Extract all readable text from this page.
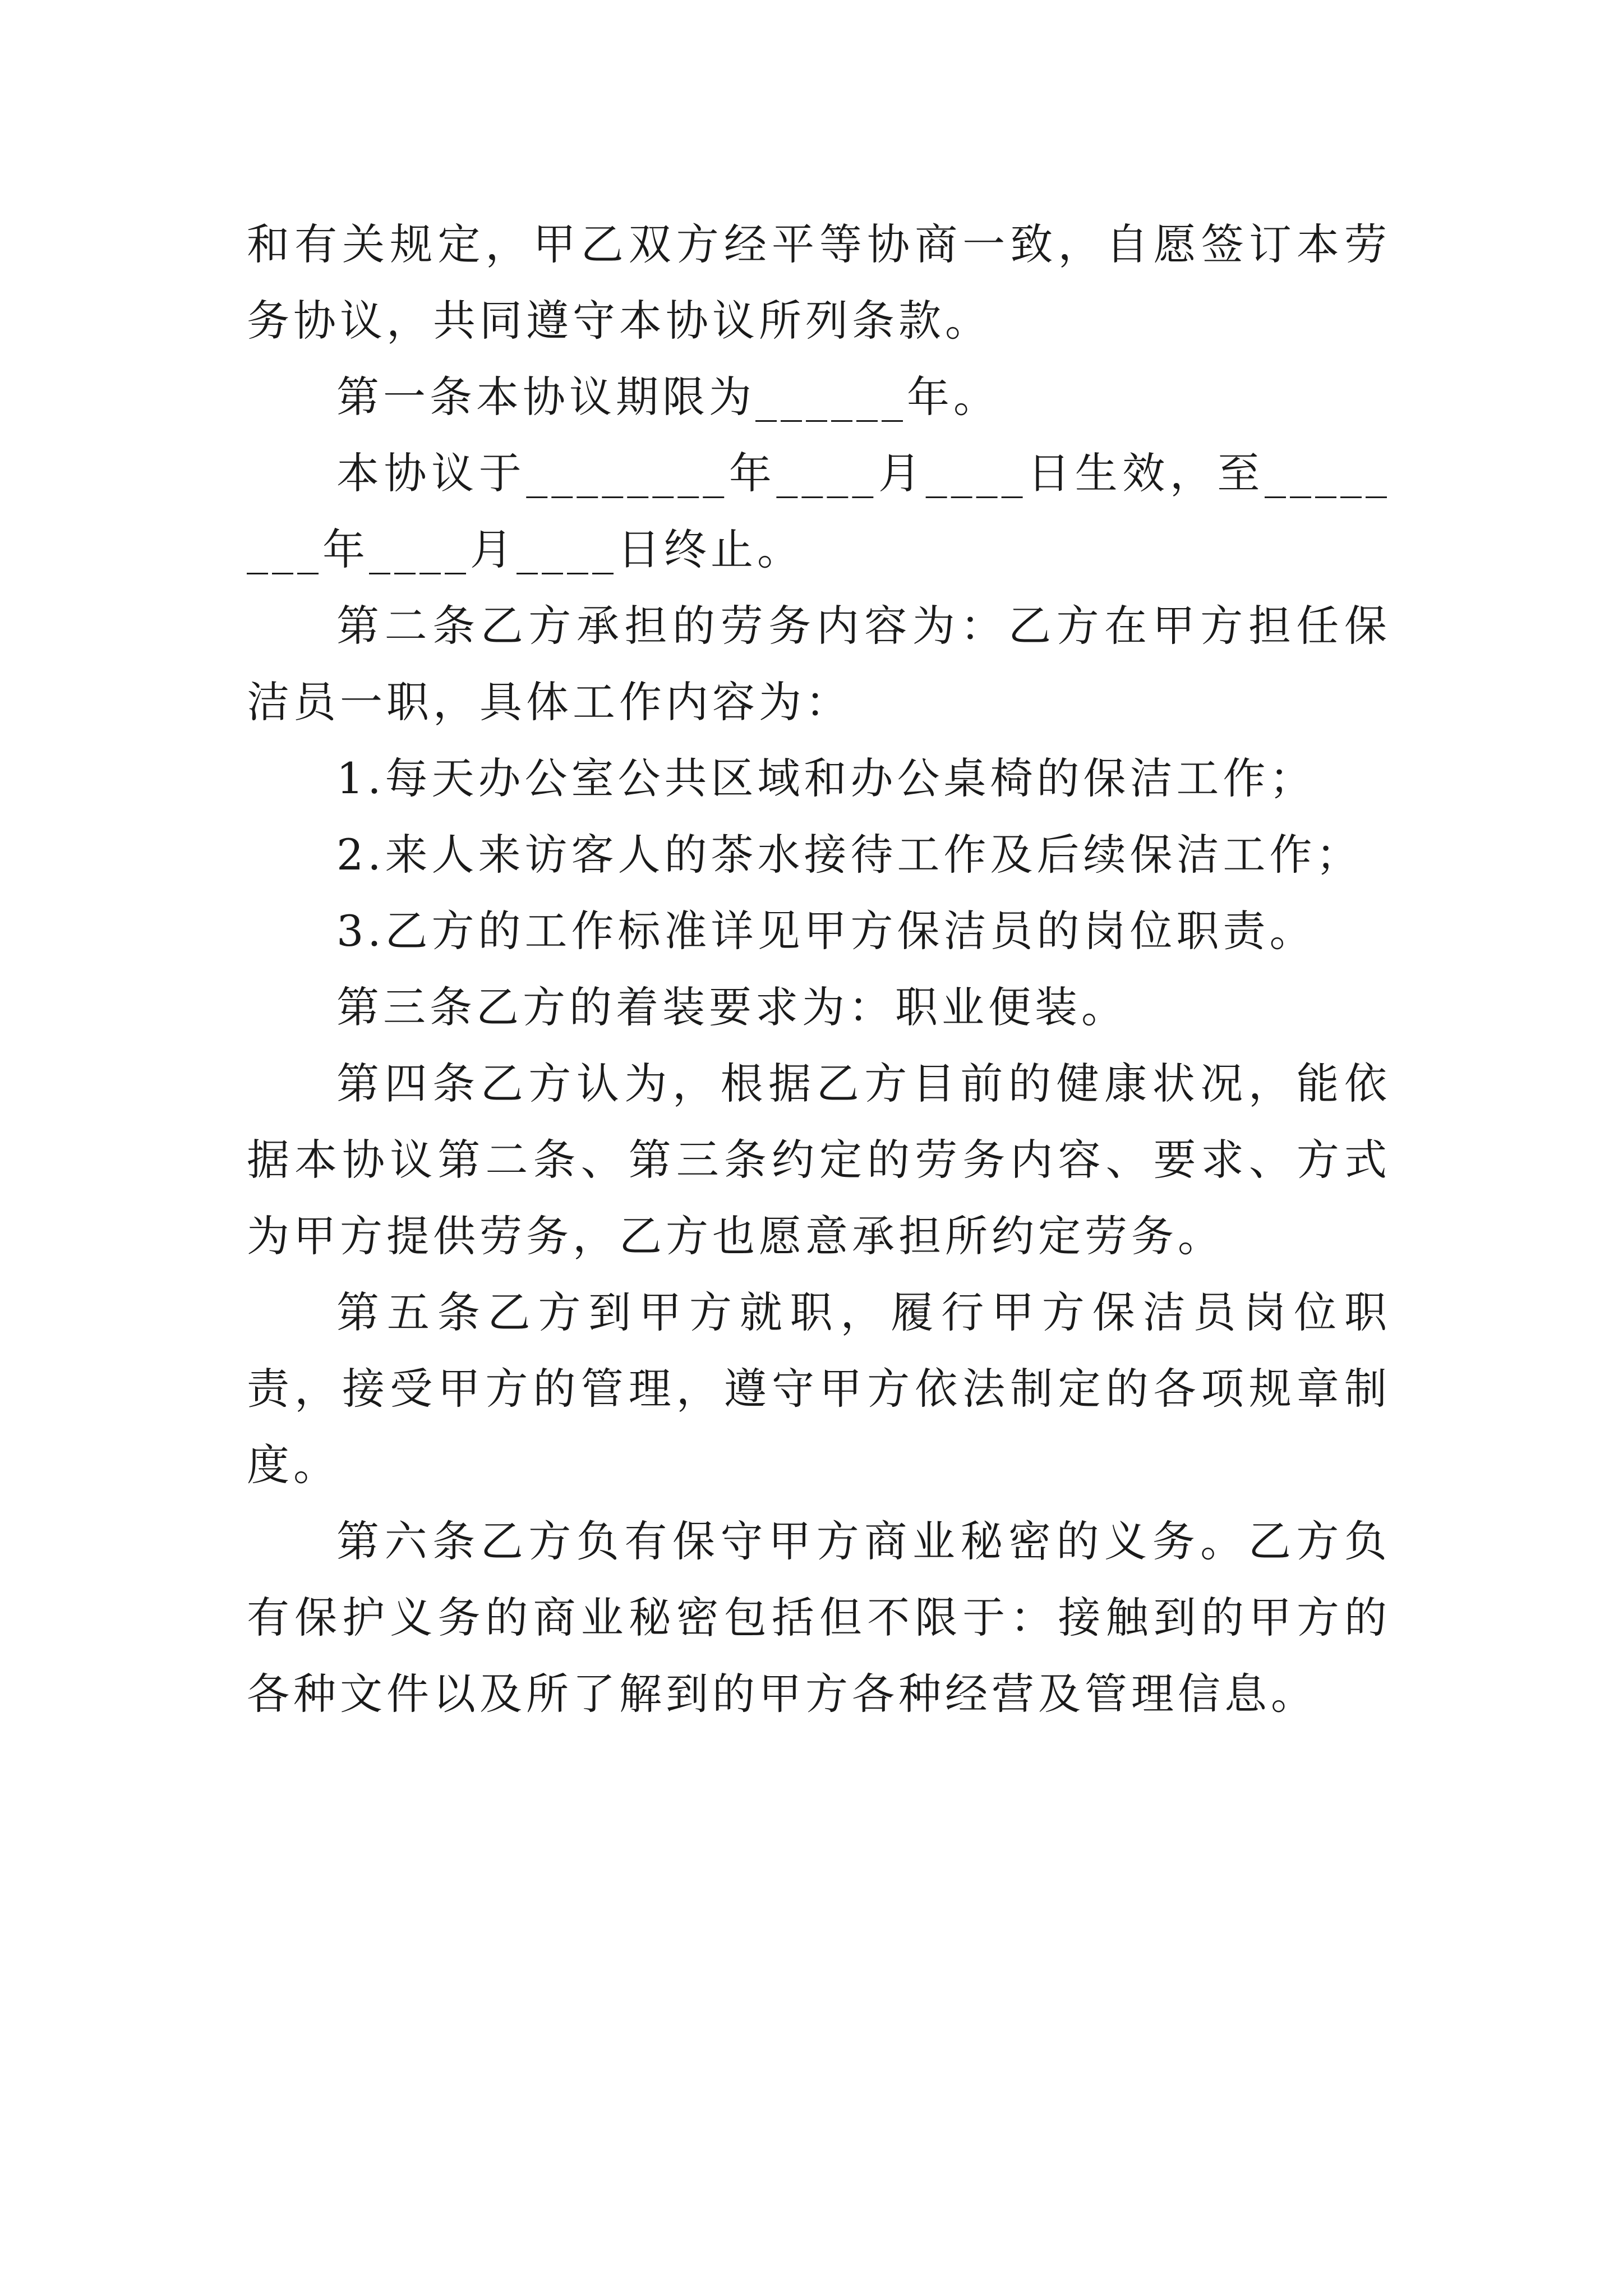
和有关规定，甲乙双方经平等协商一致，自愿签订本劳务协议，共同遵守本协议所列条款。

第一条本协议期限为______年。

本协议于________年____月____日生效，至________年____月____日终止。

第二条乙方承担的劳务内容为：乙方在甲方担任保洁员一职，具体工作内容为：

1.每天办公室公共区域和办公桌椅的保洁工作；

2.来人来访客人的茶水接待工作及后续保洁工作；

3.乙方的工作标准详见甲方保洁员的岗位职责。

第三条乙方的着装要求为：职业便装。

第四条乙方认为，根据乙方目前的健康状况，能依据本协议第二条、第三条约定的劳务内容、要求、方式为甲方提供劳务，乙方也愿意承担所约定劳务。

第五条乙方到甲方就职，履行甲方保洁员岗位职责，接受甲方的管理，遵守甲方依法制定的各项规章制度。

第六条乙方负有保守甲方商业秘密的义务。乙方负有保护义务的商业秘密包括但不限于：接触到的甲方的各种文件以及所了解到的甲方各种经营及管理信息。
